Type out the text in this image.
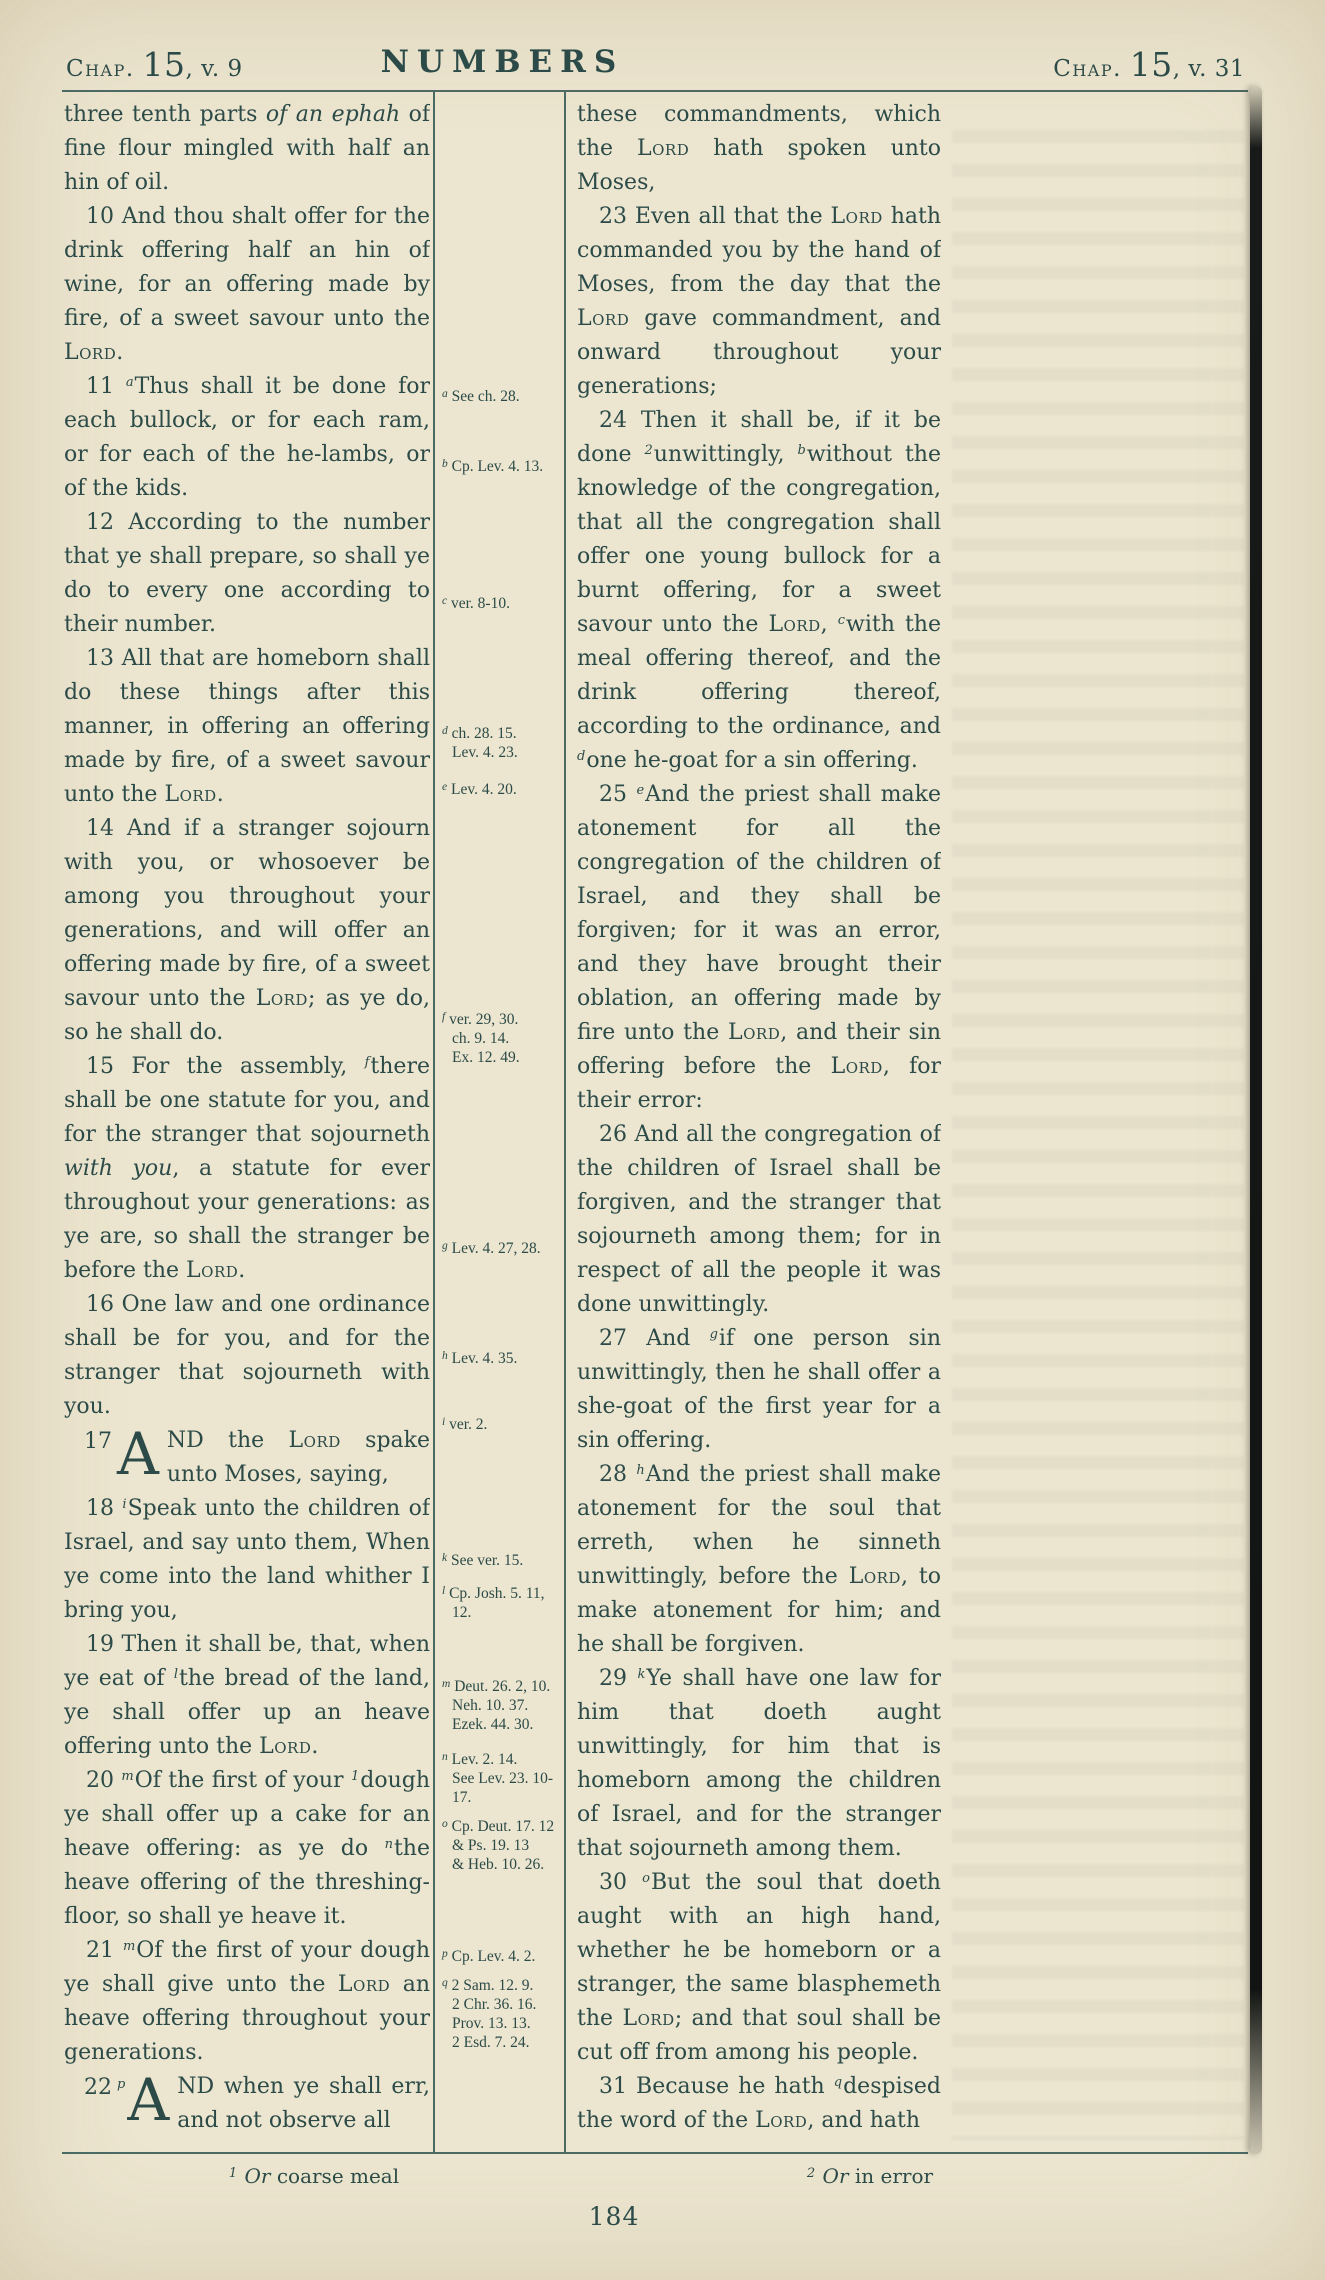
Chap. 15, v. 9	NUMBERS	Chap. 15, v. 31

three tenth parts of an ephah of fine flour mingled with half an hin of oil.

10 And thou shalt offer for the drink offering half an hin of wine, for an offering made by fire, of a sweet savour unto the Lord.

11 $^a$Thus shall it be done for each bullock, or for each ram, or for each of the he-lambs, or of the kids.

12 According to the number that ye shall prepare, so shall ye do to every one according to their number.

13 All that are homeborn shall do these things after this manner, in offering an offering made by fire, of a sweet savour unto the Lord.

14 And if a stranger sojourn with you, or whosoever be among you throughout your generations, and will offer an offering made by fire, of a sweet savour unto the Lord; as ye do, so he shall do.

15 For the assembly, $^f$there shall be one statute for you, and for the stranger that sojourneth with you, a statute for ever throughout your generations: as ye are, so shall the stranger be before the Lord.

16 One law and one ordinance shall be for you, and for the stranger that sojourneth with you.

17 A ND the Lord spake unto Moses, saying,

18 $^i$Speak unto the children of Israel, and say unto them, When ye come into the land whither I bring you,

19 Then it shall be, that, when ye eat of $^l$the bread of the land, ye shall offer up an heave offering unto the Lord.

20 $^m$Of the first of your $^1$dough ye shall offer up a cake for an heave offering: as ye do $^n$the heave offering of the threshing-floor, so shall ye heave it.

21 $^m$Of the first of your dough ye shall give unto the Lord an heave offering throughout your generations.

22 p A ND when ye shall err, and not observe all

$^a$ See ch. 28.
$^b$ Cp. Lev. 4. 13.
$^c$ ver. 8-10.
$^d$ ch. 28. 15.
Lev. 4. 23.
$^e$ Lev. 4. 20.
$^f$ ver. 29, 30.
ch. 9. 14.
Ex. 12. 49.
$^g$ Lev. 4. 27, 28.
$^h$ Lev. 4. 35.
$^i$ ver. 2.
$^k$ See ver. 15.
$^l$ Cp. Josh. 5. 11,
12.
$^m$ Deut. 26. 2, 10.
Neh. 10. 37.
Ezek. 44. 30.
$^n$ Lev. 2. 14.
See Lev. 23. 10-
17.
$^o$ Cp. Deut. 17. 12
& Ps. 19. 13
& Heb. 10. 26.
$^p$ Cp. Lev. 4. 2.
$^q$ 2 Sam. 12. 9.
2 Chr. 36. 16.
Prov. 13. 13.
2 Esd. 7. 24.

these commandments, which the Lord hath spoken unto Moses,

23 Even all that the Lord hath commanded you by the hand of Moses, from the day that the Lord gave commandment, and onward throughout your generations;

24 Then it shall be, if it be done $^2$unwittingly, $^b$without the knowledge of the congregation, that all the congregation shall offer one young bullock for a burnt offering, for a sweet savour unto the Lord, $^c$with the meal offering thereof, and the drink offering thereof, according to the ordinance, and $^d$one he-goat for a sin offering.

25 $^e$And the priest shall make atonement for all the congregation of the children of Israel, and they shall be forgiven; for it was an error, and they have brought their oblation, an offering made by fire unto the Lord, and their sin offering before the Lord, for their error:

26 And all the congregation of the children of Israel shall be forgiven, and the stranger that sojourneth among them; for in respect of all the people it was done unwittingly.

27 And $^g$if one person sin unwittingly, then he shall offer a she-goat of the first year for a sin offering.

28 $^h$And the priest shall make atonement for the soul that erreth, when he sinneth unwittingly, before the Lord, to make atonement for him; and he shall be forgiven.

29 $^k$Ye shall have one law for him that doeth aught unwittingly, for him that is homeborn among the children of Israel, and for the stranger that sojourneth among them.

30 $^o$But the soul that doeth aught with an high hand, whether he be homeborn or a stranger, the same blasphemeth the Lord; and that soul shall be cut off from among his people.

31 Because he hath $^q$despised the word of the Lord, and hath

$^1$ Or coarse meal	$^2$ Or in error
184
